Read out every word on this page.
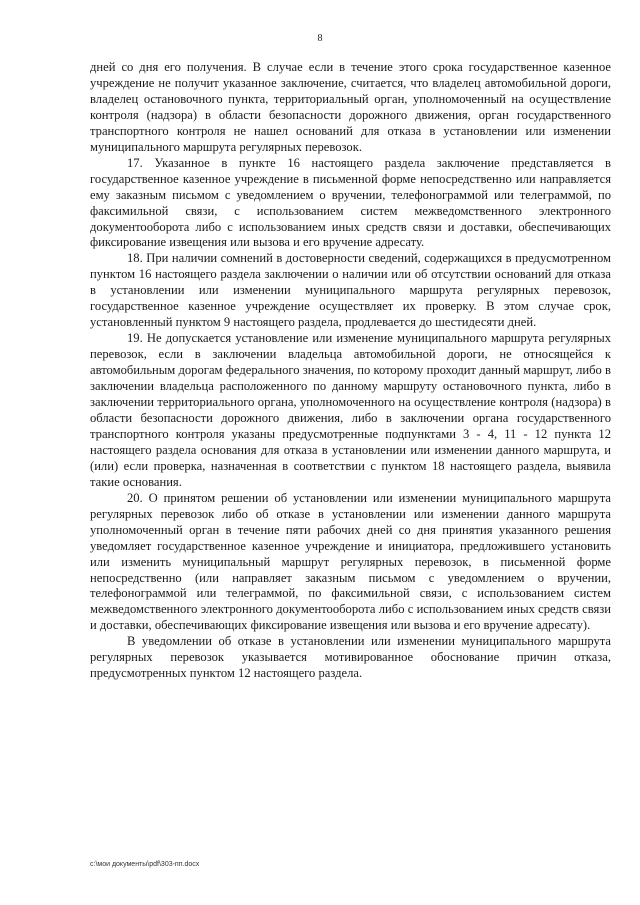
8

дней со дня его получения. В случае если в течение этого срока государственное казенное учреждение не получит указанное заключение, считается, что владелец автомобильной дороги, владелец остановочного пункта, территориальный орган, уполномоченный на осуществление контроля (надзора) в области безопасности дорожного движения, орган государственного транспортного контроля не нашел оснований для отказа в установлении или изменении муниципального маршрута регулярных перевозок.

17. Указанное в пункте 16 настоящего раздела заключение представляется в государственное казенное учреждение в письменной форме непосредственно или направляется ему заказным письмом с уведомлением о вручении, телефонограммой или телеграммой, по факсимильной связи, с использованием систем межведомственного электронного документооборота либо с использованием иных средств связи и доставки, обеспечивающих фиксирование извещения или вызова и его вручение адресату.

18. При наличии сомнений в достоверности сведений, содержащихся в предусмотренном пунктом 16 настоящего раздела заключении о наличии или об отсутствии оснований для отказа в установлении или изменении муниципального маршрута регулярных перевозок, государственное казенное учреждение осуществляет их проверку. В этом случае срок, установленный пунктом 9 настоящего раздела, продлевается до шестидесяти дней.

19. Не допускается установление или изменение муниципального маршрута регулярных перевозок, если в заключении владельца автомобильной дороги, не относящейся к автомобильным дорогам федерального значения, по которому проходит данный маршрут, либо в заключении владельца расположенного по данному маршруту остановочного пункта, либо в заключении территориального органа, уполномоченного на осуществление контроля (надзора) в области безопасности дорожного движения, либо в заключении органа государственного транспортного контроля указаны предусмотренные подпунктами 3 - 4, 11 - 12 пункта 12 настоящего раздела основания для отказа в установлении или изменении данного маршрута, и (или) если проверка, назначенная в соответствии с пунктом 18 настоящего раздела, выявила такие основания.

20. О принятом решении об установлении или изменении муниципального маршрута регулярных перевозок либо об отказе в установлении или изменении данного маршрута уполномоченный орган в течение пяти рабочих дней со дня принятия указанного решения уведомляет государственное казенное учреждение и инициатора, предложившего установить или изменить муниципальный маршрут регулярных перевозок, в письменной форме непосредственно (или направляет заказным письмом с уведомлением о вручении, телефонограммой или телеграммой, по факсимильной связи, с использованием систем межведомственного электронного документооборота либо с использованием иных средств связи и доставки, обеспечивающих фиксирование извещения или вызова и его вручение адресату).

В уведомлении об отказе в установлении или изменении муниципального маршрута регулярных перевозок указывается мотивированное обоснование причин отказа, предусмотренных пунктом 12 настоящего раздела.

c:\мои документы\pdf\303-пп.docx
